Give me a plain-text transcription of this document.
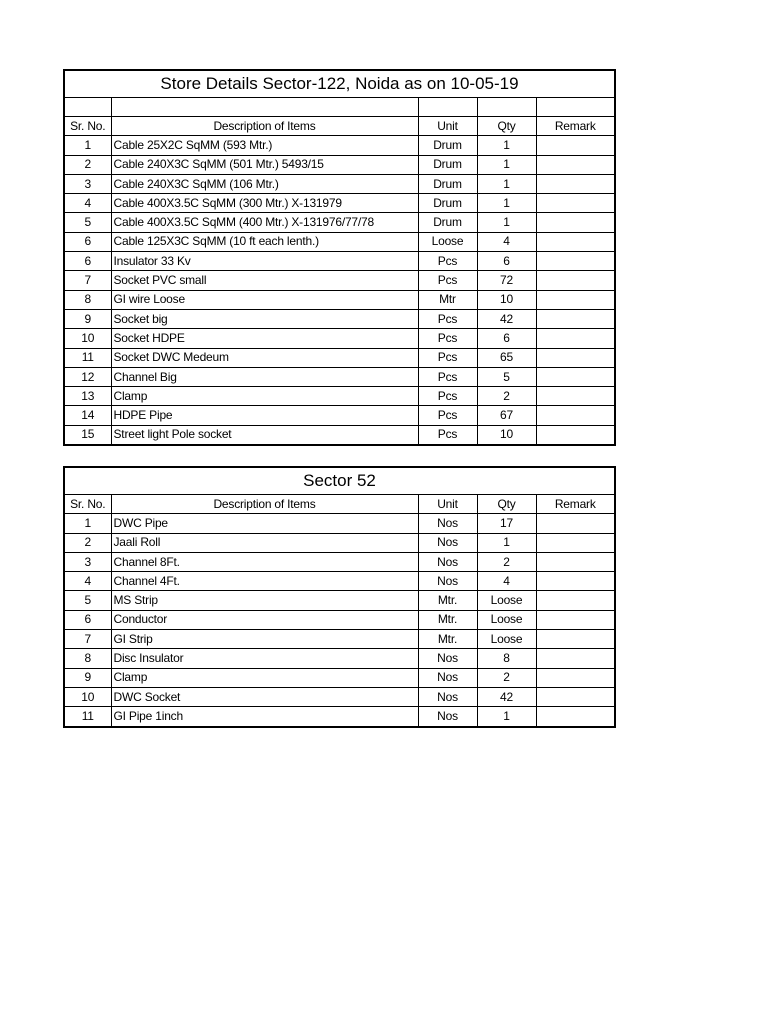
Store Details Sector-122, Noida as on 10-05-19				

Sr. No.	Description of Items	Unit	Qty	Remark
1	Cable 25X2C SqMM (593 Mtr.)	Drum	1	
2	Cable 240X3C SqMM (501 Mtr.) 5493/15	Drum	1	
3	Cable 240X3C SqMM (106 Mtr.)	Drum	1	
4	Cable 400X3.5C SqMM (300 Mtr.) X-131979	Drum	1	
5	Cable 400X3.5C SqMM (400 Mtr.) X-131976/77/78	Drum	1	
6	Cable 125X3C SqMM (10 ft each lenth.)	Loose	4	
6	Insulator 33 Kv	Pcs	6	
7	Socket PVC small	Pcs	72	
8	GI wire Loose	Mtr	10	
9	Socket big	Pcs	42	
10	Socket HDPE	Pcs	6	
11	Socket DWC Medeum	Pcs	65	
12	Channel Big	Pcs	5	
13	Clamp	Pcs	2	
14	HDPE Pipe	Pcs	67	
15	Street light Pole socket	Pcs	10	
Sector 52				
Sr. No.	Description of Items	Unit	Qty	Remark
1	DWC Pipe	Nos	17	
2	Jaali Roll	Nos	1	
3	Channel 8Ft.	Nos	2	
4	Channel 4Ft.	Nos	4	
5	MS Strip	Mtr.	Loose	
6	Conductor	Mtr.	Loose	
7	GI Strip	Mtr.	Loose	
8	Disc Insulator	Nos	8	
9	Clamp	Nos	2	
10	DWC Socket	Nos	42	
11	GI Pipe 1inch	Nos	1	
